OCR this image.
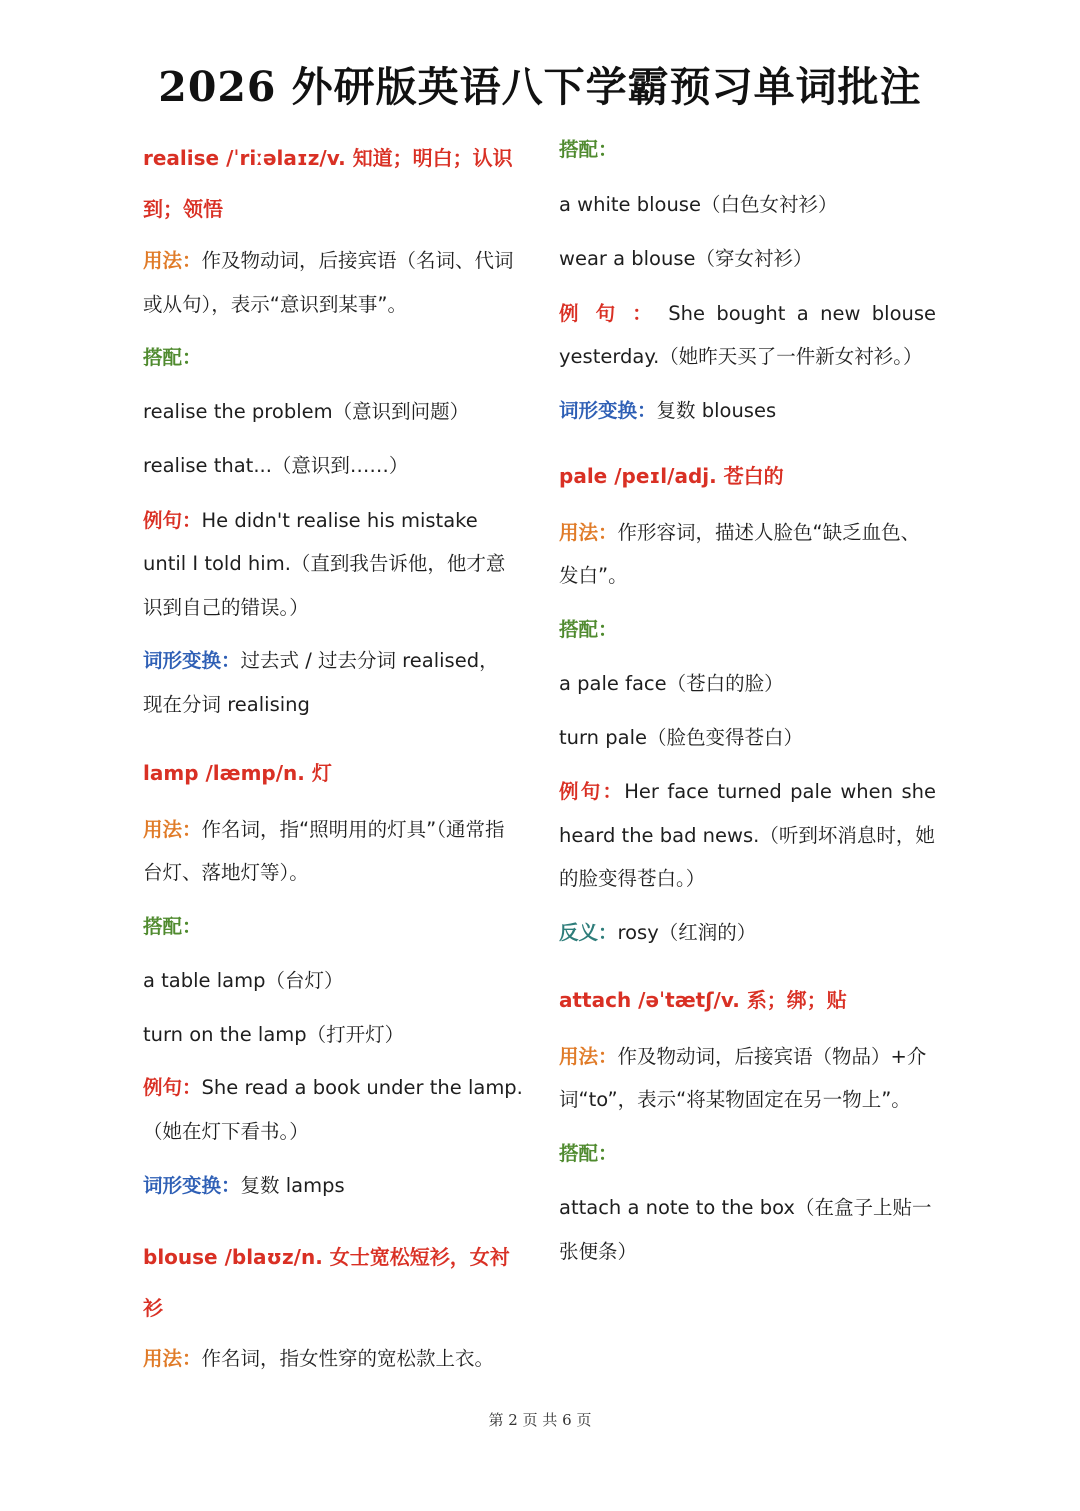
2026 外研版英语八下学霸预习单词批注

realise /ˈriːəlaɪz/v. 知道；明白；认识到；领悟

用法：作及物动词，后接宾语（名词、代词或从句），表示“意识到某事”。

搭配：

realise the problem（意识到问题）

realise that...（意识到……）

例句：He didn't realise his mistake until I told him.（直到我告诉他，他才意识到自己的错误。）

词形变换：过去式 / 过去分词 realised，

现在分词 realising

lamp /læmp/n. 灯

用法：作名词，指“照明用的灯具”（通常指台灯、落地灯等）。

搭配：

a table lamp（台灯）

turn on the lamp（打开灯）

例句：She read a book under the lamp.

（她在灯下看书。）

词形变换：复数 lamps

blouse /blaʊz/n. 女士宽松短衫，女衬衫

用法：作名词，指女性穿的宽松款上衣。

搭配：

a white blouse（白色女衬衫）

wear a blouse（穿女衬衫）

例 句 ： She bought a new blouse

yesterday.（她昨天买了一件新女衬衫。）

词形变换：复数 blouses

pale /peɪl/adj. 苍白的

用法：作形容词，描述人脸色“缺乏血色、发白”。

搭配：

a pale face（苍白的脸）

turn pale（脸色变得苍白）

例句：Her face turned pale when she

heard the bad news.（听到坏消息时，她的脸变得苍白。）

反义：rosy（红润的）

attach /əˈtætʃ/v. 系；绑；贴

用法：作及物动词，后接宾语（物品）+介词“to”，表示“将某物固定在另一物上”。

搭配：

attach a note to the box（在盒子上贴一张便条）

第 2 页 共 6 页
